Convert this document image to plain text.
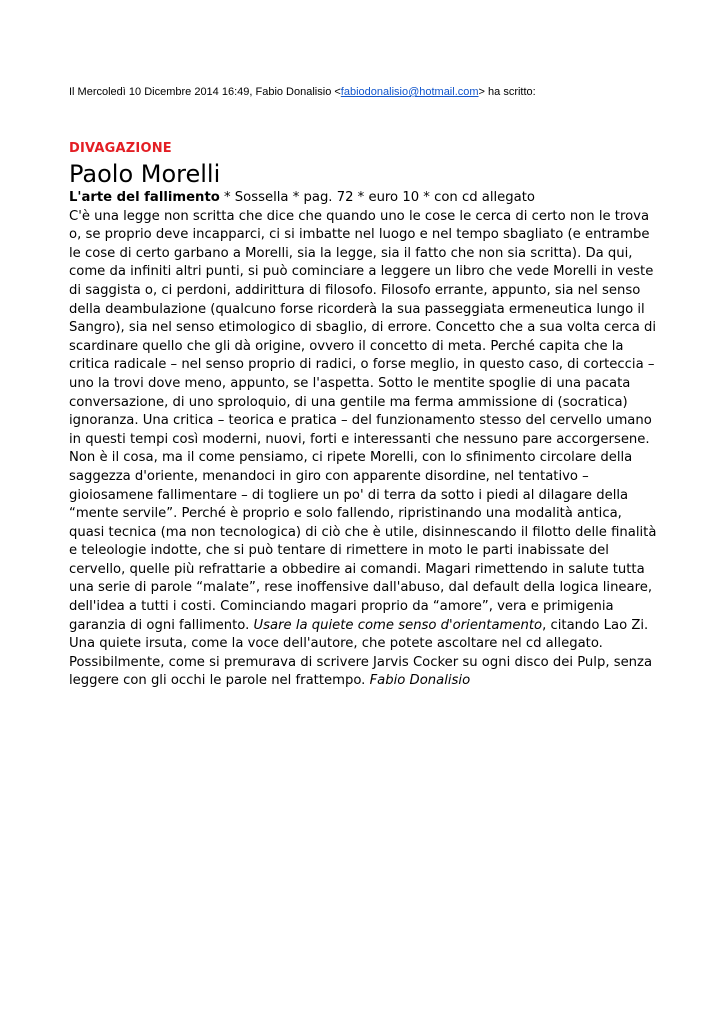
Il Mercoledì 10 Dicembre 2014 16:49, Fabio Donalisio <fabiodonalisio@hotmail.com> ha scritto:
DIVAGAZIONE
Paolo Morelli
L'arte del fallimento * Sossella * pag. 72 * euro 10 * con cd allegato

C'è una legge non scritta che dice che quando uno le cose le cerca di certo non le trova o, se proprio deve incapparci, ci si imbatte nel luogo e nel tempo sbagliato (e entrambe le cose di certo garbano a Morelli, sia la legge, sia il fatto che non sia scritta). Da qui, come da infiniti altri punti, si può cominciare a leggere un libro che vede Morelli in veste di saggista o, ci perdoni, addirittura di filosofo. Filosofo errante, appunto, sia nel senso della deambulazione (qualcuno forse ricorderà la sua passeggiata ermeneutica lungo il Sangro), sia nel senso etimologico di sbaglio, di errore. Concetto che a sua volta cerca di scardinare quello che gli dà origine, ovvero il concetto di meta. Perché capita che la critica radicale – nel senso proprio di radici, o forse meglio, in questo caso, di corteccia – uno la trovi dove meno, appunto, se l'aspetta. Sotto le mentite spoglie di una pacata conversazione, di uno sproloquio, di una gentile ma ferma ammissione di (socratica) ignoranza. Una critica – teorica e pratica – del funzionamento stesso del cervello umano in questi tempi così moderni, nuovi, forti e interessanti che nessuno pare accorgersene. Non è il cosa, ma il come pensiamo, ci ripete Morelli, con lo sfinimento circolare della saggezza d'oriente, menandoci in giro con apparente disordine, nel tentativo – gioiosamene fallimentare – di togliere un po' di terra da sotto i piedi al dilagare della “mente servile”. Perché è proprio e solo fallendo, ripristinando una modalità antica, quasi tecnica (ma non tecnologica) di ciò che è utile, disinnescando il filotto delle finalità e teleologie indotte, che si può tentare di rimettere in moto le parti inabissate del cervello, quelle più refrattarie a obbedire ai comandi. Magari rimettendo in salute tutta una serie di parole “malate”, rese inoffensive dall'abuso, dal default della logica lineare, dell'idea a tutti i costi. Cominciando magari proprio da “amore”, vera e primigenia garanzia di ogni fallimento. Usare la quiete come senso d'orientamento, citando Lao Zi. Una quiete irsuta, come la voce dell'autore, che potete ascoltare nel cd allegato. Possibilmente, come si premurava di scrivere Jarvis Cocker su ogni disco dei Pulp, senza leggere con gli occhi le parole nel frattempo. Fabio Donalisio
